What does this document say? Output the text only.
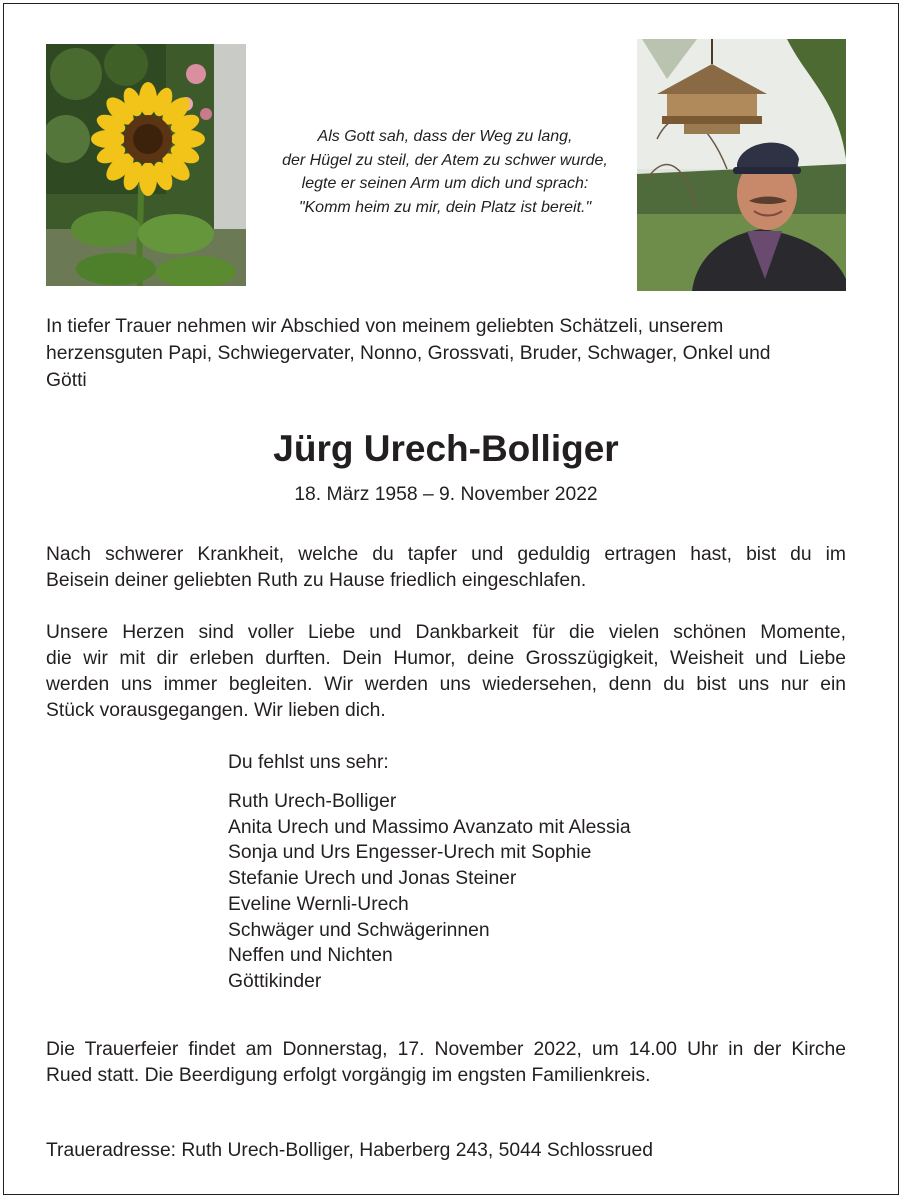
Als Gott sah, dass der Weg zu lang,
der Hügel zu steil, der Atem zu schwer wurde,
legte er seinen Arm um dich und sprach:
"Komm heim zu mir, dein Platz ist bereit."
In tiefer Trauer nehmen wir Abschied von meinem geliebten Schätzeli, unserem
herzensguten Papi, Schwiegervater, Nonno, Grossvati, Bruder, Schwager, Onkel und
Götti
Jürg Urech-Bolliger
18. März 1958 – 9. November 2022
Nach schwerer Krankheit, welche du tapfer und geduldig ertragen hast, bist du im
Beisein deiner geliebten Ruth zu Hause friedlich eingeschlafen.
Unsere Herzen sind voller Liebe und Dankbarkeit für die vielen schönen Momente,
die wir mit dir erleben durften. Dein Humor, deine Grosszügigkeit, Weisheit und Liebe
werden uns immer begleiten. Wir werden uns wiedersehen, denn du bist uns nur ein
Stück vorausgegangen. Wir lieben dich.
Du fehlst uns sehr:
Ruth Urech-Bolliger
Anita Urech und Massimo Avanzato mit Alessia
Sonja und Urs Engesser-Urech mit Sophie
Stefanie Urech und Jonas Steiner
Eveline Wernli-Urech
Schwäger und Schwägerinnen
Neffen und Nichten
Göttikinder
Die Trauerfeier findet am Donnerstag, 17. November 2022, um 14.00 Uhr in der Kirche
Rued statt. Die Beerdigung erfolgt vorgängig im engsten Familienkreis.
Traueradresse: Ruth Urech-Bolliger, Haberberg 243, 5044 Schlossrued
